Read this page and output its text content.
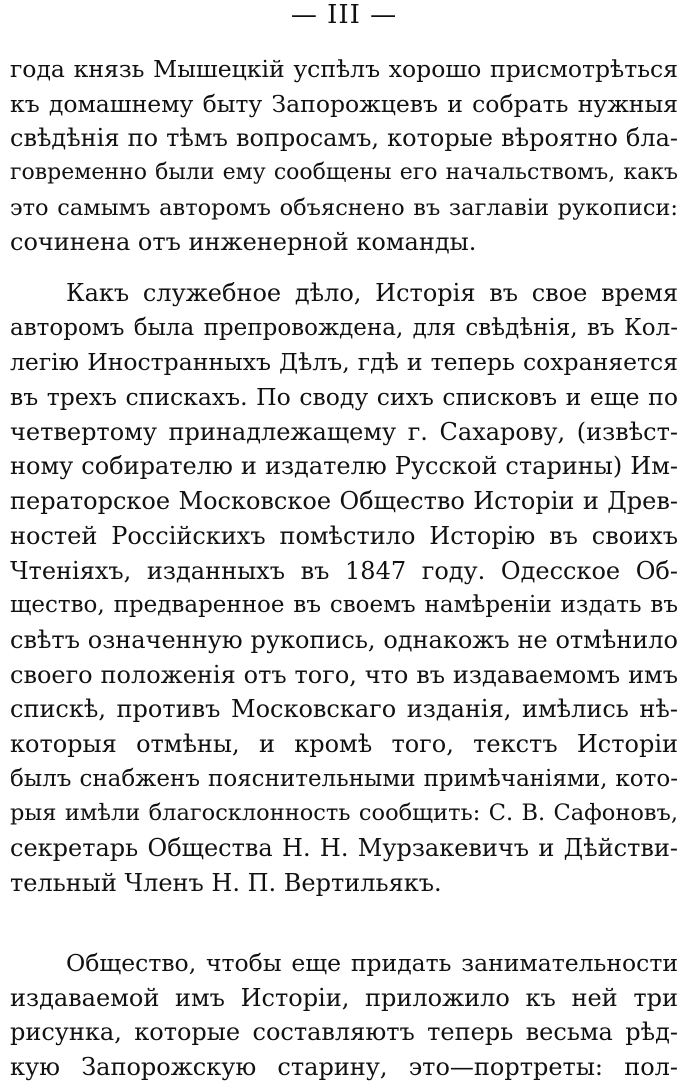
— III —
года князь Мышецкій успѣлъ хорошо присмотрѣться
къ домашнему быту Запорожцевъ и собрать нужныя
свѣдѣнія по тѣмъ вопросамъ, которые вѣроятно бла-
говременно были ему сообщены его начальствомъ, какъ
это самымъ авторомъ объяснено въ заглавіи рукописи:
сочинена отъ инженерной команды.
Какъ служебное дѣло, Исторія въ свое время
авторомъ была препровождена, для свѣдѣнія, въ Кол-
легію Иностранныхъ Дѣлъ, гдѣ и теперь сохраняется
въ трехъ спискахъ. По своду сихъ списковъ и еще по
четвертому принадлежащему г. Сахарову, (извѣст-
ному собирателю и издателю Русской старины) Им-
ператорское Московское Общество Исторіи и Древ-
ностей Россійскихъ помѣстило Исторію въ своихъ
Чтеніяхъ, изданныхъ въ 1847 году. Одесское Об-
щество, предваренное въ своемъ намѣреніи издать въ
свѣтъ означенную рукопись, однакожъ не отмѣнило
своего положенія отъ того, что въ издаваемомъ имъ
спискѣ, противъ Московскаго изданія, имѣлись нѣ-
которыя отмѣны, и кромѣ того, текстъ Исторіи
былъ снабженъ пояснительными примѣчаніями, кото-
рыя имѣли благосклонность сообщить: С. В. Сафоновъ,
секретарь Общества Н. Н. Мурзакевичъ и Дѣйстви-
тельный Членъ Н. П. Вертильякъ.
Общество, чтобы еще придать занимательности
издаваемой имъ Исторіи, приложило къ ней три
рисунка, которые составляютъ теперь весьма рѣд-
кую Запорожскую старину, это—портреты: пол-
